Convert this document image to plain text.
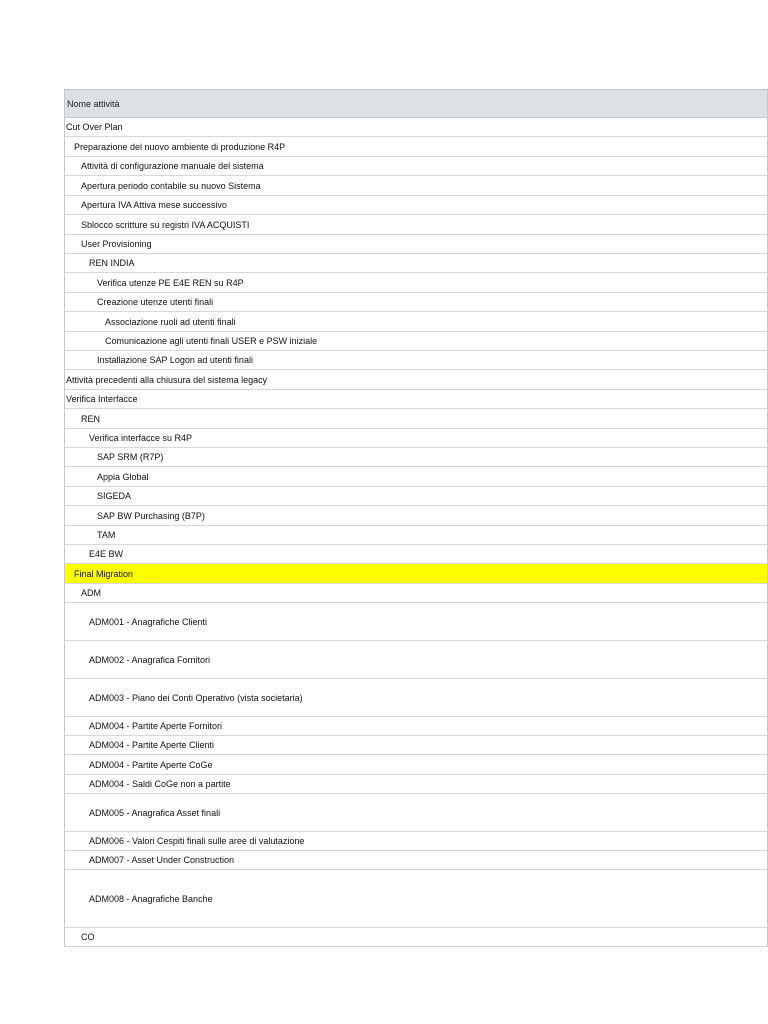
Nome attività
Cut Over Plan
Preparazione del nuovo ambiente di produzione R4P
Attività di configurazione manuale del sistema
Apertura periodo contabile su nuovo Sistema
Apertura IVA Attiva mese successivo
Sblocco scritture su registri IVA ACQUISTI
User Provisioning
REN INDIA
Verifica utenze PE E4E REN su R4P
Creazione utenze utenti finali
Associazione ruoli ad utenti finali
Comunicazione agli utenti finali USER e PSW iniziale
Installazione SAP Logon ad utenti finali
Attività precedenti alla chiusura del sistema legacy
Verifica Interfacce
REN
Verifica interfacce su R4P
SAP SRM (R7P)
Appia Global
SIGEDA
SAP BW Purchasing (B7P)
TAM
E4E BW
Final Migration
ADM
ADM001 - Anagrafiche Clienti
ADM002 - Anagrafica Fornitori
ADM003 - Piano dei Conti Operativo (vista societaria)
ADM004 - Partite Aperte Fornitori
ADM004 - Partite Aperte Clienti
ADM004 - Partite Aperte CoGe
ADM004 - Saldi CoGe non a partite
ADM005 - Anagrafica Asset finali
ADM006 - Valori Cespiti finali sulle aree di valutazione
ADM007 - Asset Under Construction
ADM008 - Anagrafiche Banche
CO
